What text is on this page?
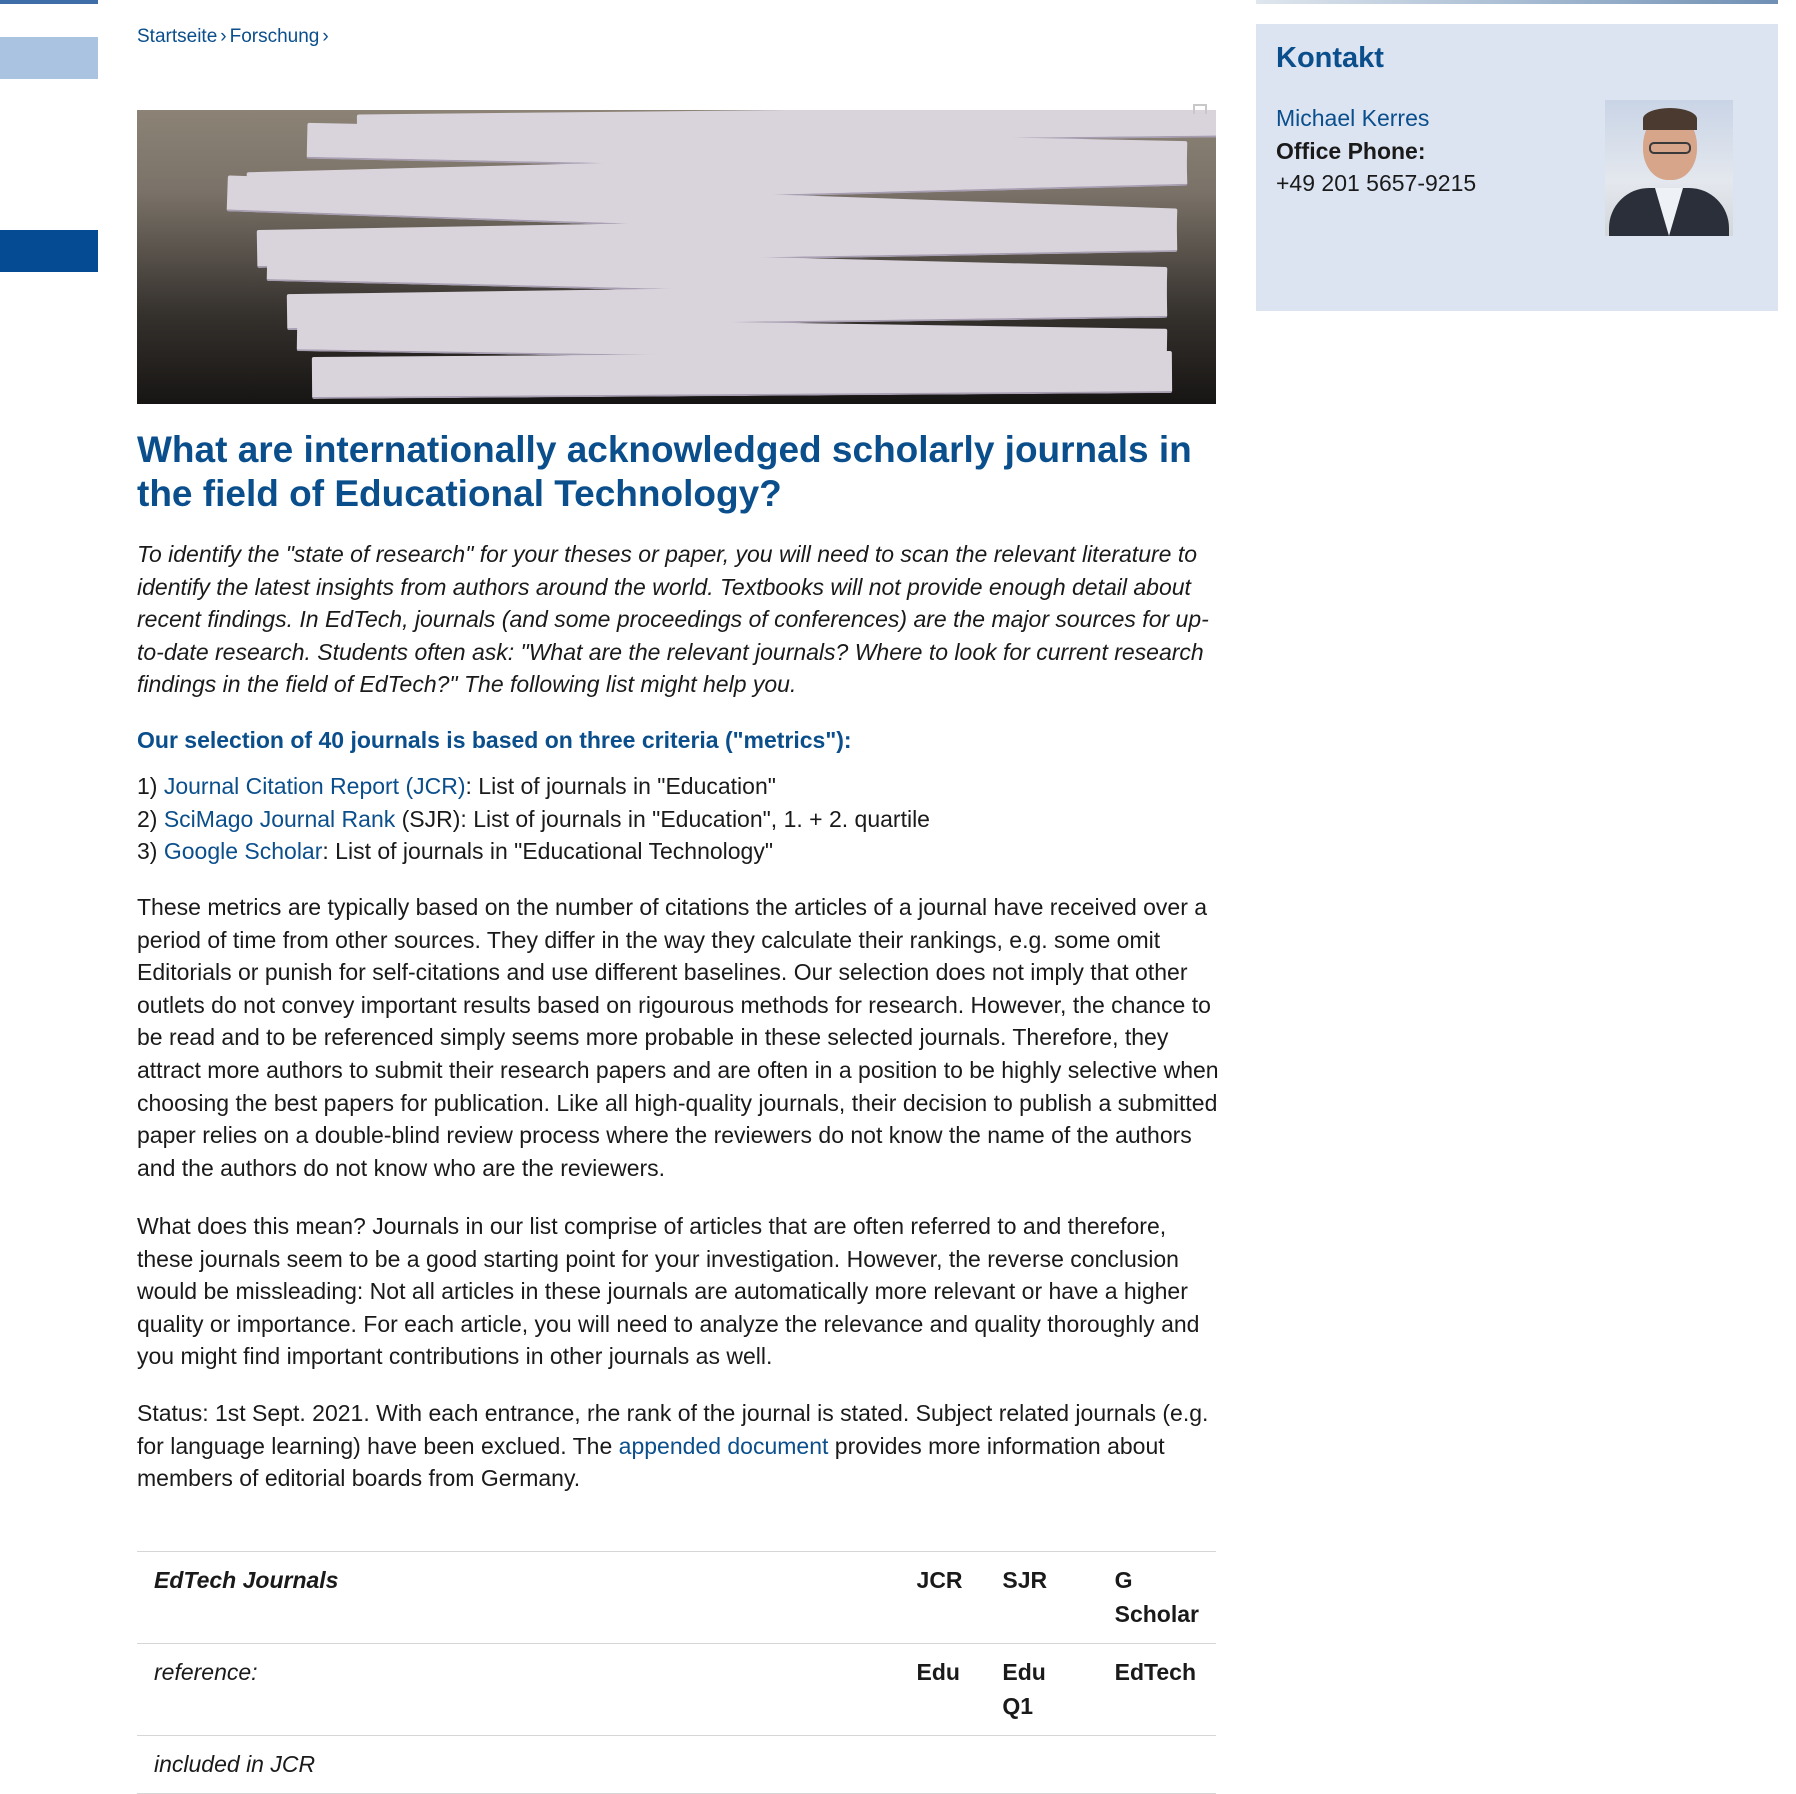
Startseite › Forschung ›
What are internationally acknowledged scholarly journals in the field of Educational Technology?

To identify the "state of research" for your theses or paper, you will need to scan the relevant literature to identify the latest insights from authors around the world. Textbooks will not provide enough detail about recent findings. In EdTech, journals (and some proceedings of conferences) are the major sources for up-to-date research. Students often ask: "What are the relevant journals? Where to look for current research findings in the field of EdTech?" The following list might help you.

Our selection of 40 journals is based on three criteria ("metrics"):
1) Journal Citation Report (JCR): List of journals in "Education"
2) SciMago Journal Rank (SJR): List of journals in "Education", 1. + 2. quartile
3) Google Scholar: List of journals in "Educational Technology"

These metrics are typically based on the number of citations the articles of a journal have received over a period of time from other sources. They differ in the way they calculate their rankings, e.g. some omit Editorials or punish for self-citations and use different baselines. Our selection does not imply that other outlets do not convey important results based on rigourous methods for research. However, the chance to be read and to be referenced simply seems more probable in these selected journals. Therefore, they attract more authors to submit their research papers and are often in a position to be highly selective when choosing the best papers for publication. Like all high-quality journals, their decision to publish a submitted paper relies on a double-blind review process where the reviewers do not know the name of the authors and the authors do not know who are the reviewers.

What does this mean? Journals in our list comprise of articles that are often referred to and therefore, these journals seem to be a good starting point for your investigation. However, the reverse conclusion would be missleading: Not all articles in these journals are automatically more relevant or have a higher quality or importance. For each article, you will need to analyze the relevance and quality thoroughly and you might find important contributions in other journals as well.

Status: 1st Sept. 2021. With each entrance, rhe rank of the journal is stated. Subject related journals (e.g. for language learning) have been exclued. The appended document provides more information about members of editorial boards from Germany.

EdTech Journals	JCR	SJR	G Scholar
reference:	Edu	Edu Q1	EdTech
included in JCR			
Kontakt
Michael Kerres
Office Phone:
+49 201 5657-9215
